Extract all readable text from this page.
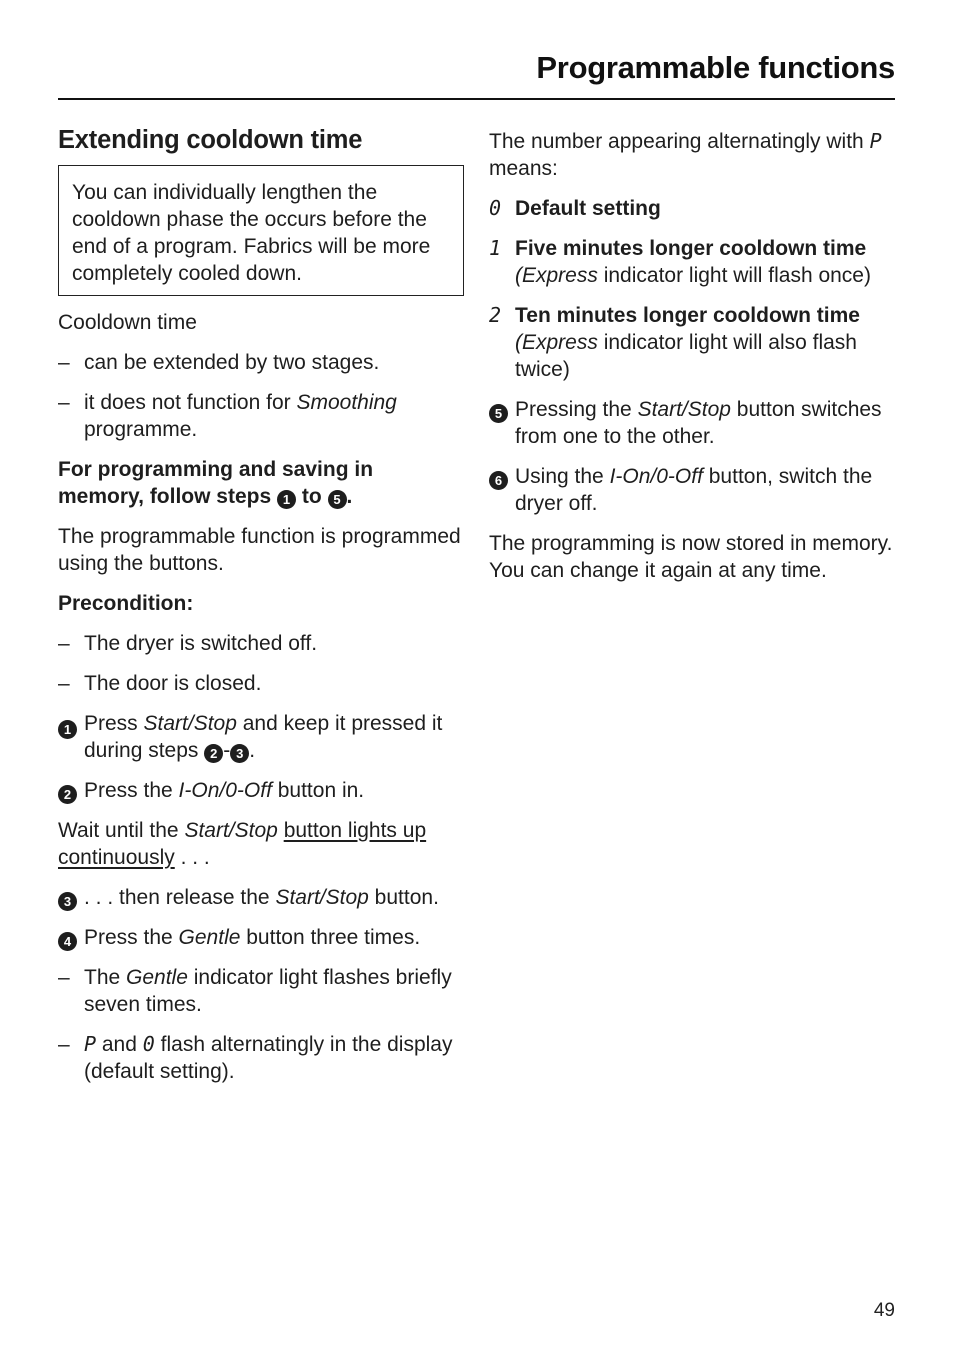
Programmable functions
Extending cooldown time
You can individually lengthen the cooldown phase the occurs before the end of a program. Fabrics will be more completely cooled down.

Cooldown time

– can be extended by two stages.
– it does not function for Smoothing programme.

For programming and saving in memory, follow steps 1 to 5 .

The programmable function is programmed using the buttons.

Precondition:

– The dryer is switched off.
– The door is closed.
1 Press Start/Stop and keep it pressed it during steps 2 - 3 .
2 Press the I-On/0-Off button in.

Wait until the Start/Stop button lights up
continuously . . .

3 . . . then release the Start/Stop button.
4 Press the Gentle button three times.
– The Gentle indicator light flashes briefly seven times.
– P and 0 flash alternatingly in the display (default setting).

The number appearing alternatingly with P means:

0 Default setting
1 Five minutes longer cooldown time
(Express indicator light will flash once)
2 Ten minutes longer cooldown time
(Express indicator light will also flash twice)
5 Pressing the Start/Stop button switches from one to the other.
6 Using the I-On/0-Off button, switch the dryer off.

The programming is now stored in memory. You can change it again at any time.

49
